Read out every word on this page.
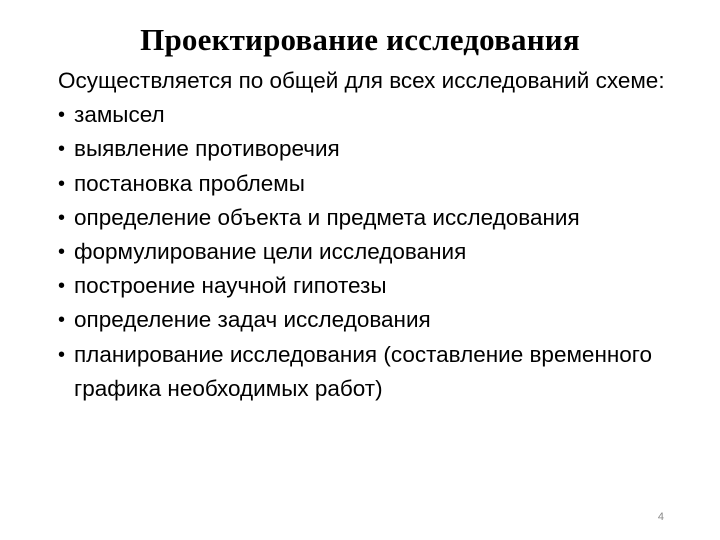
Проектирование исследования

Осуществляется по общей для всех исследований схеме:

• замысел
• выявление противоречия
• постановка проблемы
• определение объекта и предмета исследования
• формулирование цели исследования
• построение научной гипотезы
• определение задач исследования
• планирование исследования (составление временного графика необходимых работ)
4
